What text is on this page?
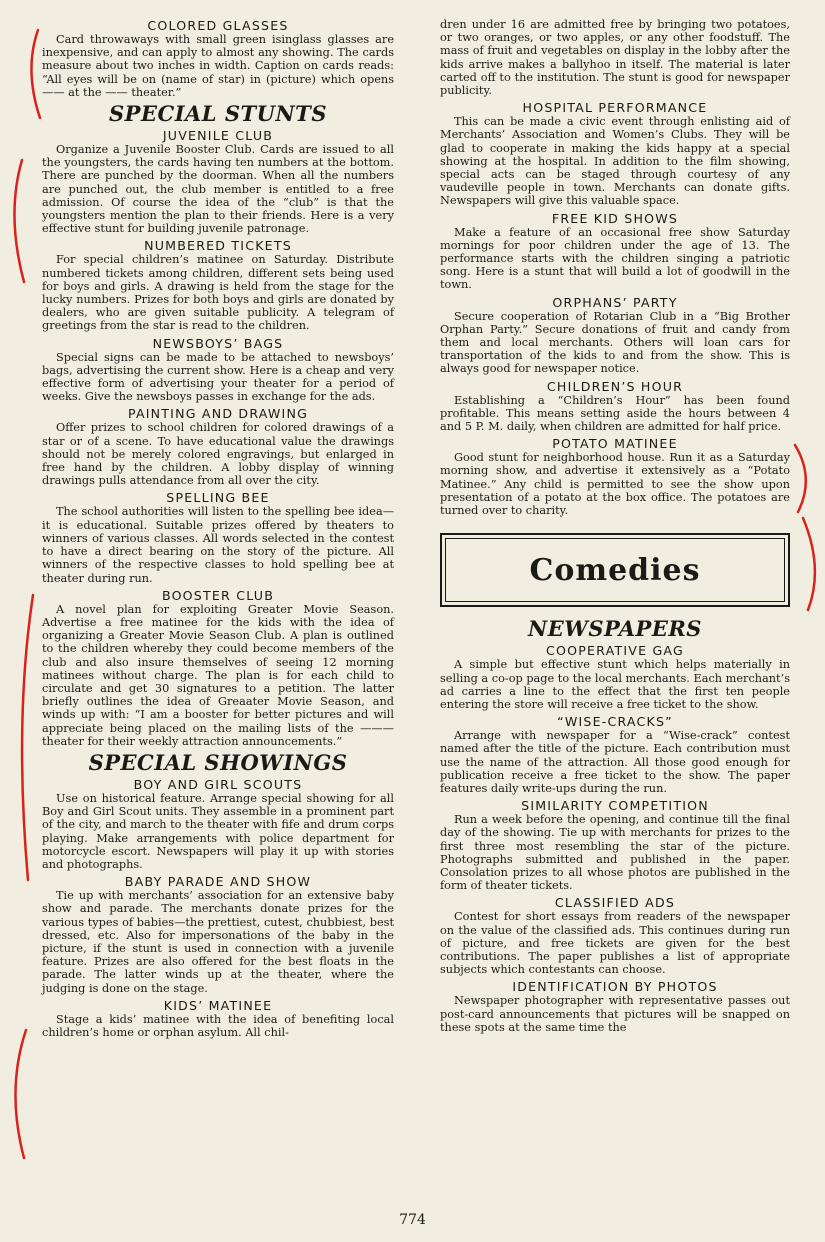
COLORED GLASSES

Card throwaways with small green isinglass glasses are inexpensive, and can apply to almost any showing. The cards measure about two inches in width. Caption on cards reads: “All eyes will be on (name of star) in (picture) which opens —— at the —— theater.”

SPECIAL STUNTS

JUVENILE CLUB

Organize a Juvenile Booster Club. Cards are issued to all the youngsters, the cards having ten numbers at the bottom. There are punched by the doorman. When all the numbers are punched out, the club member is entitled to a free admission. Of course the idea of the “club” is that the youngsters mention the plan to their friends. Here is a very effective stunt for building juvenile patronage.

NUMBERED TICKETS

For special children’s matinee on Saturday. Distribute numbered tickets among children, different sets being used for boys and girls. A drawing is held from the stage for the lucky numbers. Prizes for both boys and girls are donated by dealers, who are given suitable publicity. A telegram of greetings from the star is read to the children.

NEWSBOYS’ BAGS

Special signs can be made to be attached to newsboys’ bags, advertising the current show. Here is a cheap and very effective form of advertising your theater for a period of weeks. Give the newsboys passes in exchange for the ads.

PAINTING AND DRAWING

Offer prizes to school children for colored drawings of a star or of a scene. To have educational value the drawings should not be merely colored engravings, but enlarged in free hand by the children. A lobby display of winning drawings pulls attendance from all over the city.

SPELLING BEE

The school authorities will listen to the spelling bee idea—it is educational. Suitable prizes offered by theaters to winners of various classes. All words selected in the contest to have a direct bearing on the story of the picture. All winners of the respective classes to hold spelling bee at theater during run.

BOOSTER CLUB

A novel plan for exploiting Greater Movie Season. Advertise a free matinee for the kids with the idea of organizing a Greater Movie Season Club. A plan is outlined to the children whereby they could become members of the club and also insure themselves of seeing 12 morning matinees without charge. The plan is for each child to circulate and get 30 signatures to a petition. The latter briefly outlines the idea of Greaater Movie Season, and winds up with: “I am a booster for better pictures and will appreciate being placed on the mailing lists of the ——— theater for their weekly attraction announcements.”

SPECIAL SHOWINGS

BOY AND GIRL SCOUTS

Use on historical feature. Arrange special showing for all Boy and Girl Scout units. They assemble in a prominent part of the city, and march to the theater with fife and drum corps playing. Make arrangements with police department for motorcycle escort. Newspapers will play it up with stories and photographs.

BABY PARADE AND SHOW

Tie up with merchants’ association for an extensive baby show and parade. The merchants donate prizes for the various types of babies—the prettiest, cutest, chubbiest, best dressed, etc. Also for impersonations of the baby in the picture, if the stunt is used in connection with a juvenile feature. Prizes are also offered for the best floats in the parade. The latter winds up at the theater, where the judging is done on the stage.

KIDS’ MATINEE

Stage a kids’ matinee with the idea of benefiting local children’s home or orphan asylum. All chil-

dren under 16 are admitted free by bringing two potatoes, or two oranges, or two apples, or any other foodstuff. The mass of fruit and vegetables on display in the lobby after the kids arrive makes a ballyhoo in itself. The material is later carted off to the institution. The stunt is good for newspaper publicity.

HOSPITAL PERFORMANCE

This can be made a civic event through enlisting aid of Merchants’ Association and Women’s Clubs. They will be glad to cooperate in making the kids happy at a special showing at the hospital. In addition to the film showing, special acts can be staged through courtesy of any vaudeville people in town. Merchants can donate gifts. Newspapers will give this valuable space.

FREE KID SHOWS

Make a feature of an occasional free show Saturday mornings for poor children under the age of 13. The performance starts with the children singing a patriotic song. Here is a stunt that will build a lot of goodwill in the town.

ORPHANS’ PARTY

Secure cooperation of Rotarian Club in a “Big Brother Orphan Party.” Secure donations of fruit and candy from them and local merchants. Others will loan cars for transportation of the kids to and from the show. This is always good for newspaper notice.

CHILDREN’S HOUR

Establishing a “Children’s Hour” has been found profitable. This means setting aside the hours between 4 and 5 P. M. daily, when children are admitted for half price.

POTATO MATINEE

Good stunt for neighborhood house. Run it as a Saturday morning show, and advertise it extensively as a “Potato Matinee.” Any child is permitted to see the show upon presentation of a potato at the box office. The potatoes are turned over to charity.

Comedies
NEWSPAPERS

COOPERATIVE GAG

A simple but effective stunt which helps materially in selling a co-op page to the local merchants. Each merchant’s ad carries a line to the effect that the first ten people entering the store will receive a free ticket to the show.

“WISE-CRACKS”

Arrange with newspaper for a “Wise-crack” contest named after the title of the picture. Each contribution must use the name of the attraction. All those good enough for publication receive a free ticket to the show. The paper features daily write-ups during the run.

SIMILARITY COMPETITION

Run a week before the opening, and continue till the final day of the showing. Tie up with merchants for prizes to the first three most resembling the star of the picture. Photographs submitted and published in the paper. Consolation prizes to all whose photos are published in the form of theater tickets.

CLASSIFIED ADS

Contest for short essays from readers of the newspaper on the value of the classified ads. This continues during run of picture, and free tickets are given for the best contributions. The paper publishes a list of appropriate subjects which contestants can choose.

IDENTIFICATION BY PHOTOS

Newspaper photographer with representative passes out post-card announcements that pictures will be snapped on these spots at the same time the

774
